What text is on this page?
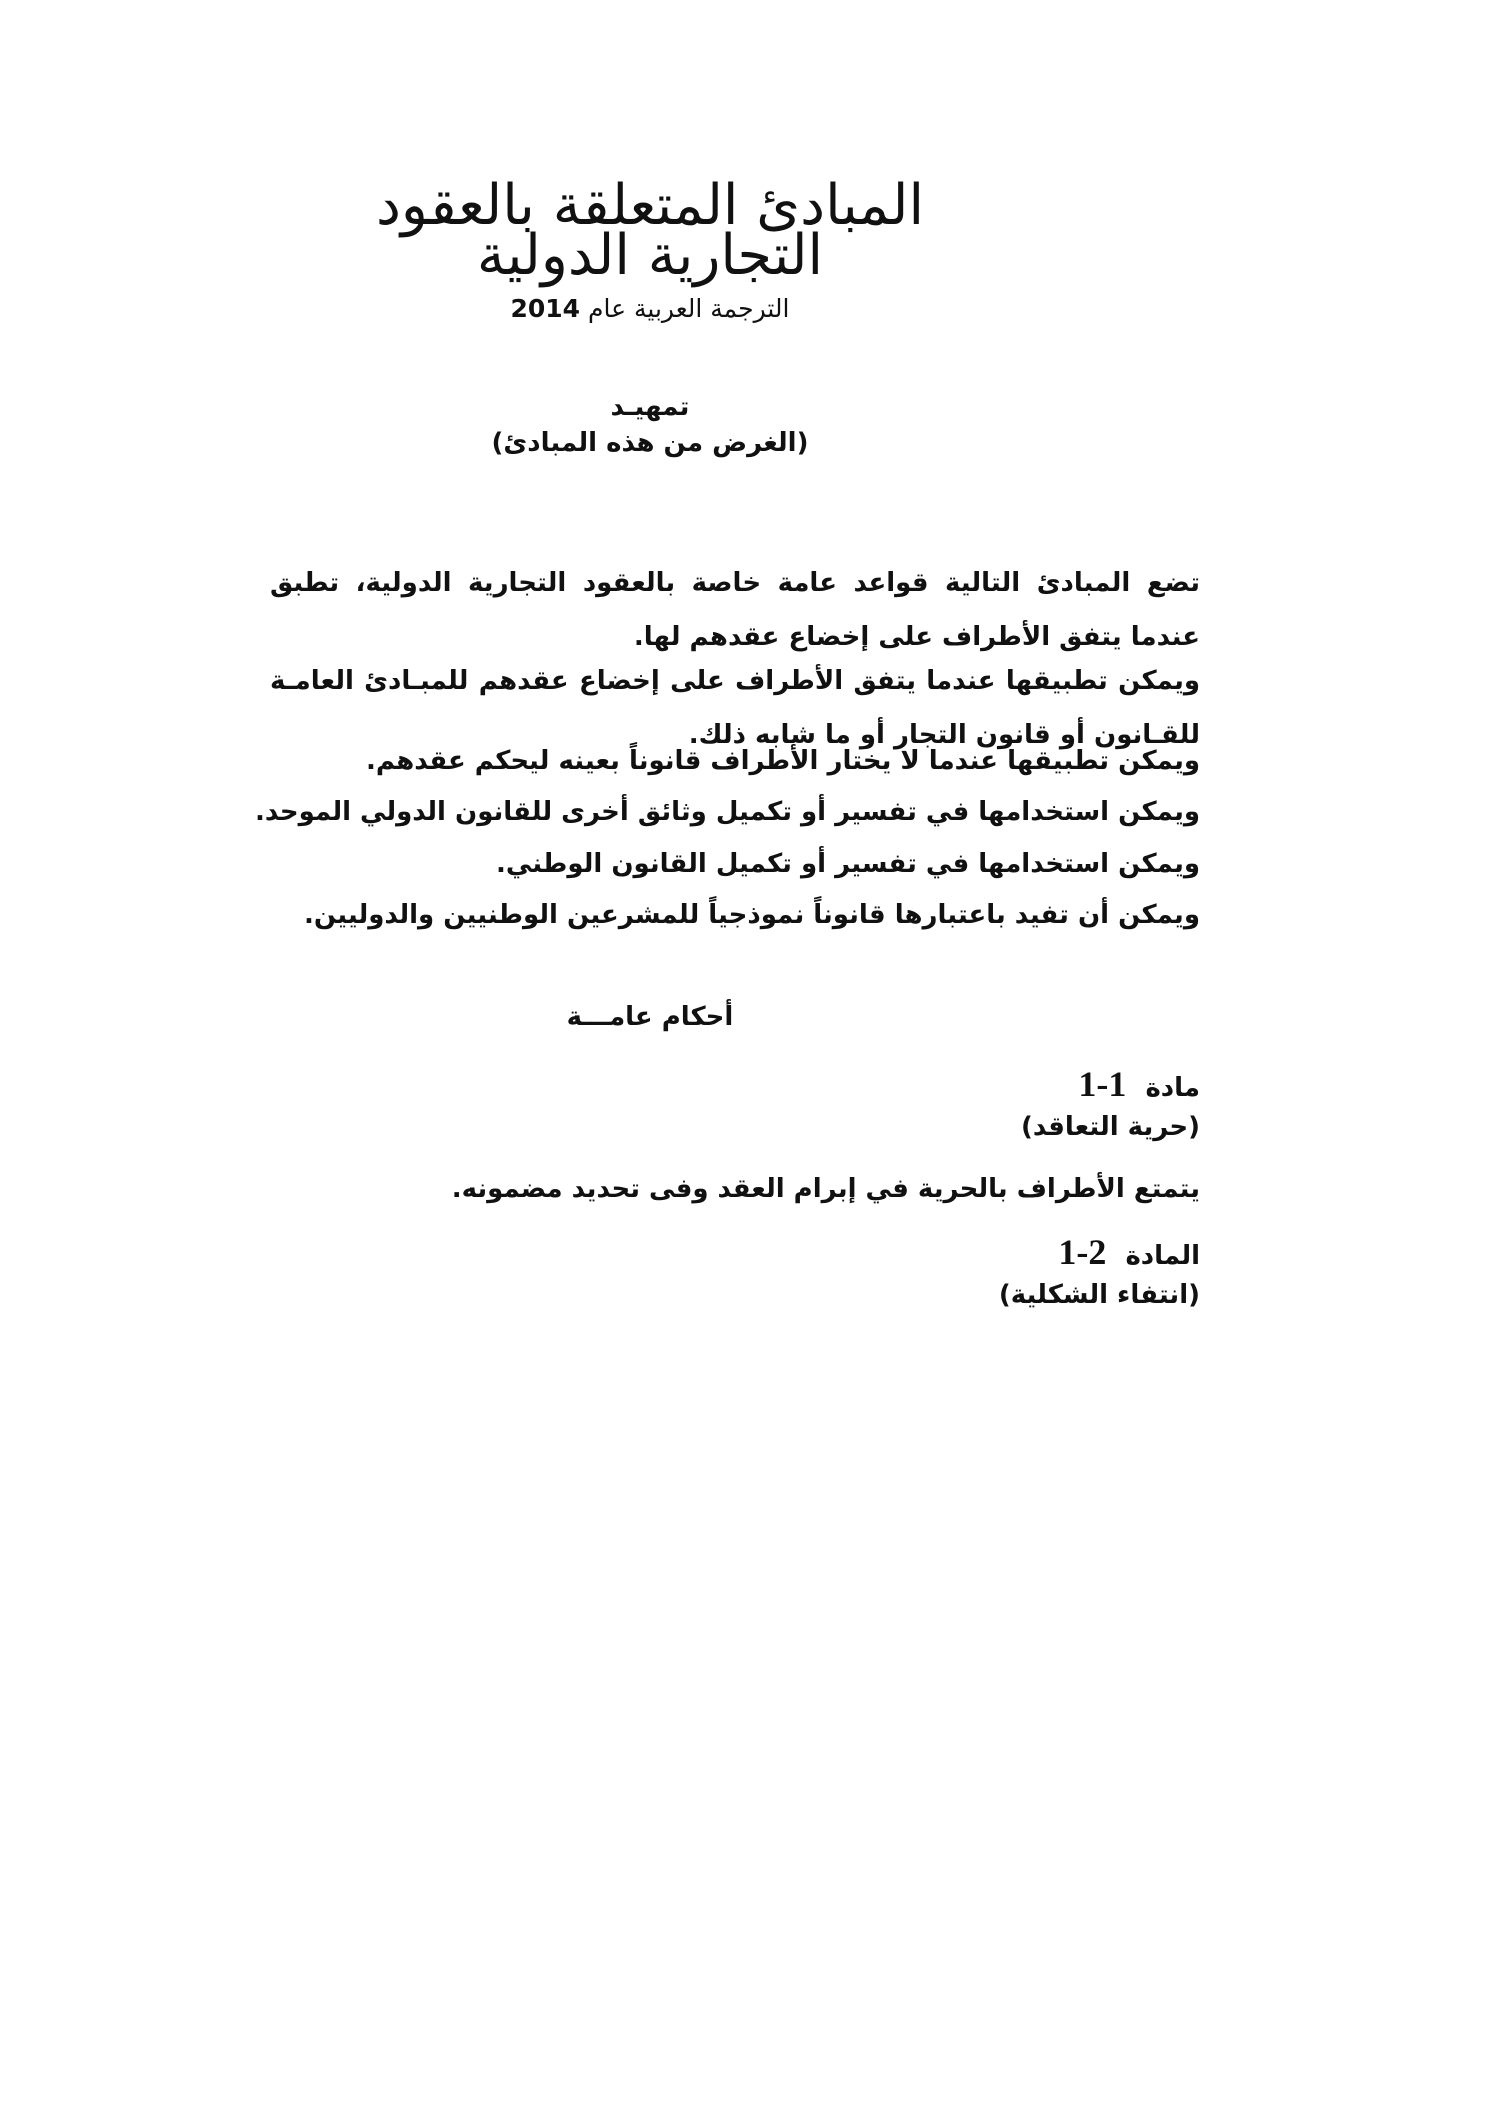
المبادئ المتعلقة بالعقود
التجارية الدولية
الترجمة العربية عام 2014
تمهيـد
(الغرض من هذه المبادئ)
تضع المبادئ التالية قواعد عامة خاصة بالعقود التجارية الدولية، تطبق عندما يتفق الأطراف على إخضاع عقدهم لها.
ويمكن تطبيقها عندما يتفق الأطراف على إخضاع عقدهم للمبـادئ العامـة للقـانون أو قانون التجار أو ما شابه ذلك.
ويمكن تطبيقها عندما لا يختار الأطراف قانوناً بعينه ليحكم عقدهم.
ويمكن استخدامها في تفسير أو تكميل وثائق أخرى للقانون الدولي الموحد.
ويمكن استخدامها في تفسير أو تكميل القانون الوطني.
ويمكن أن تفيد باعتبارها قانوناً نموذجياً للمشرعين الوطنيين والدوليين.
أحكام عامـــة
مادة 1-1
(حرية التعاقد)
يتمتع الأطراف بالحرية في إبرام العقد وفى تحديد مضمونه.
المادة 1-2
(انتفاء الشكلية)
